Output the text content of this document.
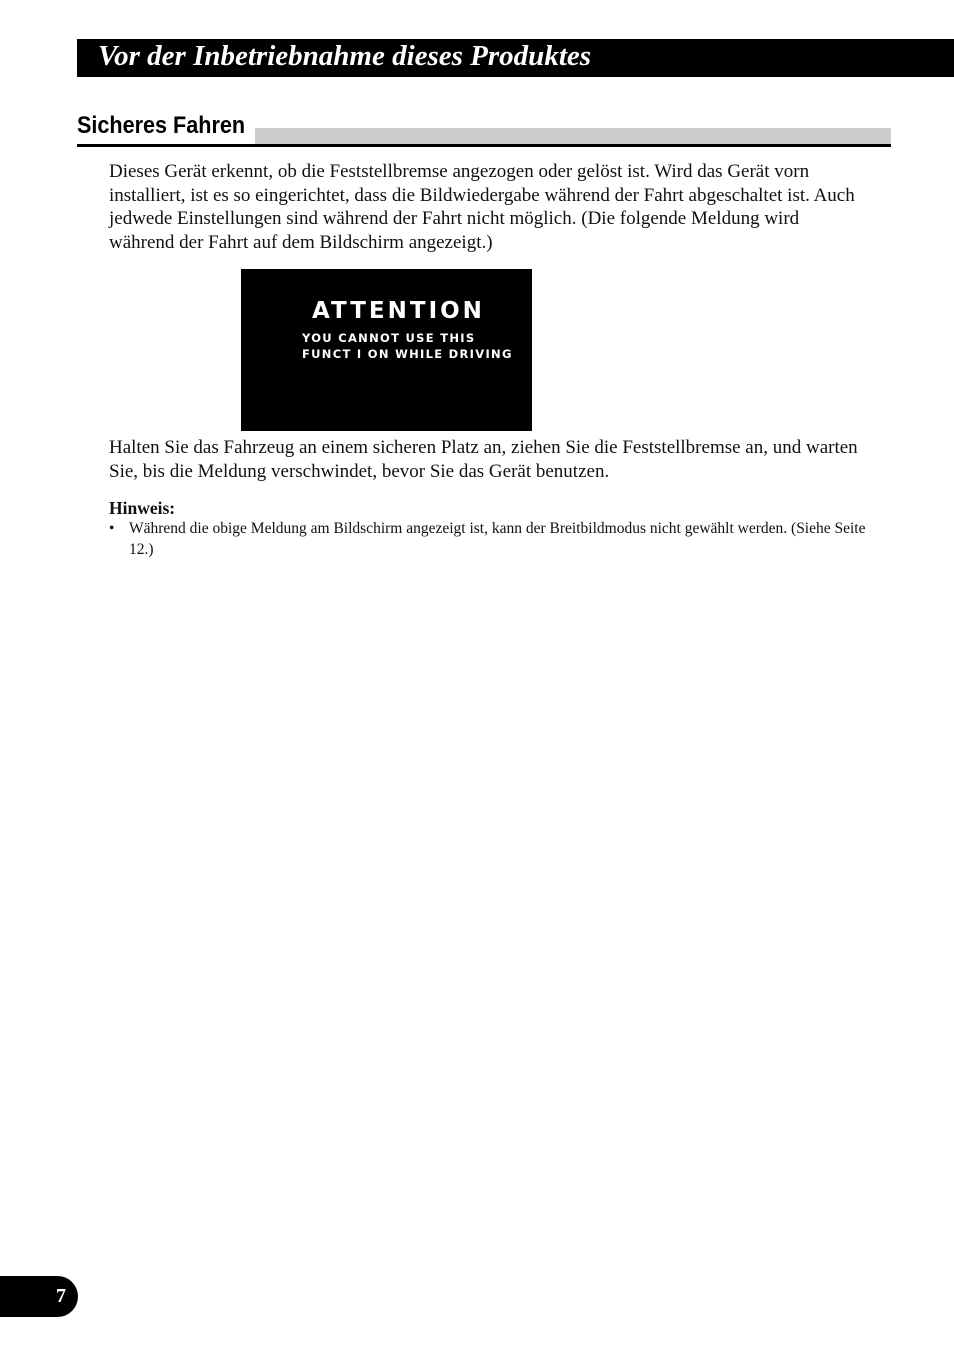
Vor der Inbetriebnahme dieses Produktes
Sicheres Fahren

Dieses Gerät erkennt, ob die Feststellbremse angezogen oder gelöst ist. Wird das Gerät vorn installiert, ist es so eingerichtet, dass die Bildwiedergabe während der Fahrt abgeschaltet ist. Auch jedwede Einstellungen sind während der Fahrt nicht möglich. (Die folgende Meldung wird während der Fahrt auf dem Bildschirm angezeigt.)

ATTENTION
YOU CANNOT USE THIS
FUNCT I ON WHILE DRIVING

Halten Sie das Fahrzeug an einem sicheren Platz an, ziehen Sie die Feststellbremse an, und warten Sie, bis die Meldung verschwindet, bevor Sie das Gerät benutzen.

Hinweis:
• Während die obige Meldung am Bildschirm angezeigt ist, kann der Breitbildmodus nicht gewählt werden. (Siehe Seite 12.)
7
